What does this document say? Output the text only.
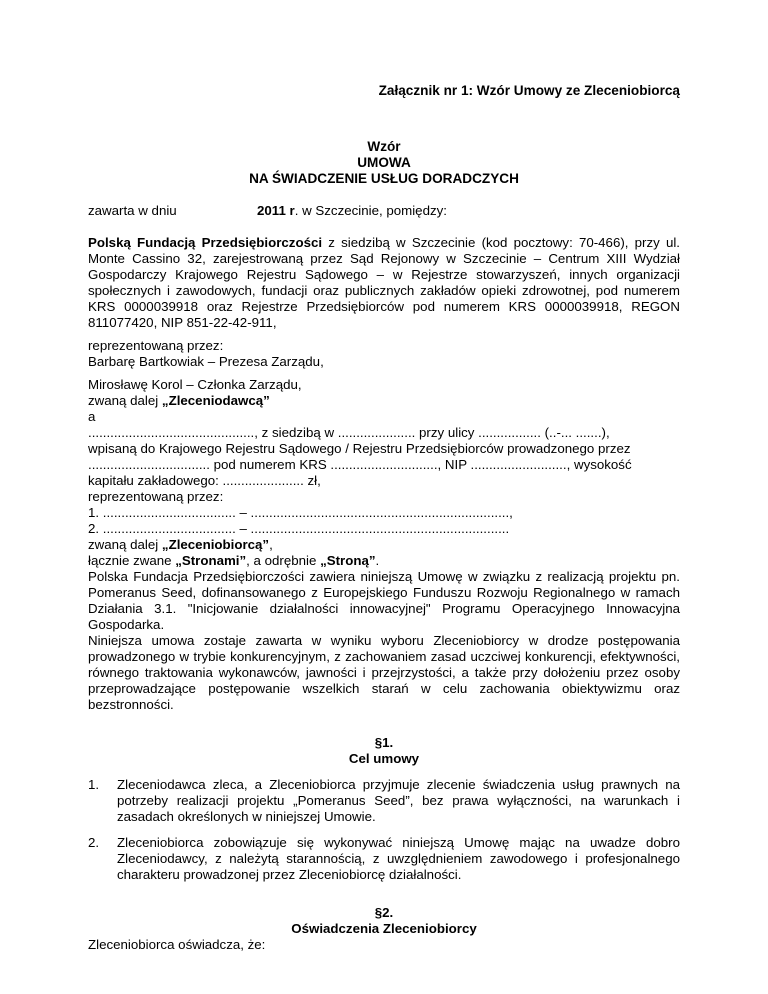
Załącznik nr 1: Wzór Umowy ze Zleceniobiorcą
Wzór
UMOWA
NA ŚWIADCZENIE USŁUG DORADCZYCH
zawarta w dniu	2011 r. w Szczecinie, pomiędzy:

Polską Fundacją Przedsiębiorczości z siedzibą w Szczecinie (kod pocztowy: 70-466), przy ul. Monte Cassino 32, zarejestrowaną przez Sąd Rejonowy w Szczecinie – Centrum XIII Wydział Gospodarczy Krajowego Rejestru Sądowego – w Rejestrze stowarzyszeń, innych organizacji społecznych i zawodowych, fundacji oraz publicznych zakładów opieki zdrowotnej, pod numerem KRS 0000039918 oraz Rejestrze Przedsiębiorców pod numerem KRS 0000039918, REGON 811077420, NIP 851-22-42-911,

reprezentowaną przez:

Barbarę Bartkowiak – Prezesa Zarządu,

Mirosławę Korol – Członka Zarządu,

zwaną dalej „Zleceniodawcą”

a

............................................., z siedzibą w ..................... przy ulicy ................. (..-... .......),

wpisaną do Krajowego Rejestru Sądowego / Rejestru Przedsiębiorców prowadzonego przez

................................. pod numerem KRS ............................., NIP .........................., wysokość

kapitału zakładowego: ...................... zł,

reprezentowaną przez:

1. .................................... – ......................................................................,

2. .................................... – ......................................................................

zwaną dalej „Zleceniobiorcą”,

łącznie zwane „Stronami”, a odrębnie „Stroną”.

Polska Fundacja Przedsiębiorczości zawiera niniejszą Umowę w związku z realizacją projektu pn. Pomeranus Seed, dofinansowanego z Europejskiego Funduszu Rozwoju Regionalnego w ramach Działania 3.1. "Inicjowanie działalności innowacyjnej" Programu Operacyjnego Innowacyjna Gospodarka.

Niniejsza umowa zostaje zawarta w wyniku wyboru Zleceniobiorcy w drodze postępowania prowadzonego w trybie konkurencyjnym, z zachowaniem zasad uczciwej konkurencji, efektywności, równego traktowania wykonawców, jawności i przejrzystości, a także przy dołożeniu przez osoby przeprowadzające postępowanie wszelkich starań w celu zachowania obiektywizmu oraz bezstronności.

§1.
Cel umowy
1. Zleceniodawca zleca, a Zleceniobiorca przyjmuje zlecenie świadczenia usług prawnych na potrzeby realizacji projektu „Pomeranus Seed”, bez prawa wyłączności, na warunkach i zasadach określonych w niniejszej Umowie.
2. Zleceniobiorca zobowiązuje się wykonywać niniejszą Umowę mając na uwadze dobro Zleceniodawcy, z należytą starannością, z uwzględnieniem zawodowego i profesjonalnego charakteru prowadzonej przez Zleceniobiorcę działalności.
§2.
Oświadczenia Zleceniobiorcy

Zleceniobiorca oświadcza, że:
